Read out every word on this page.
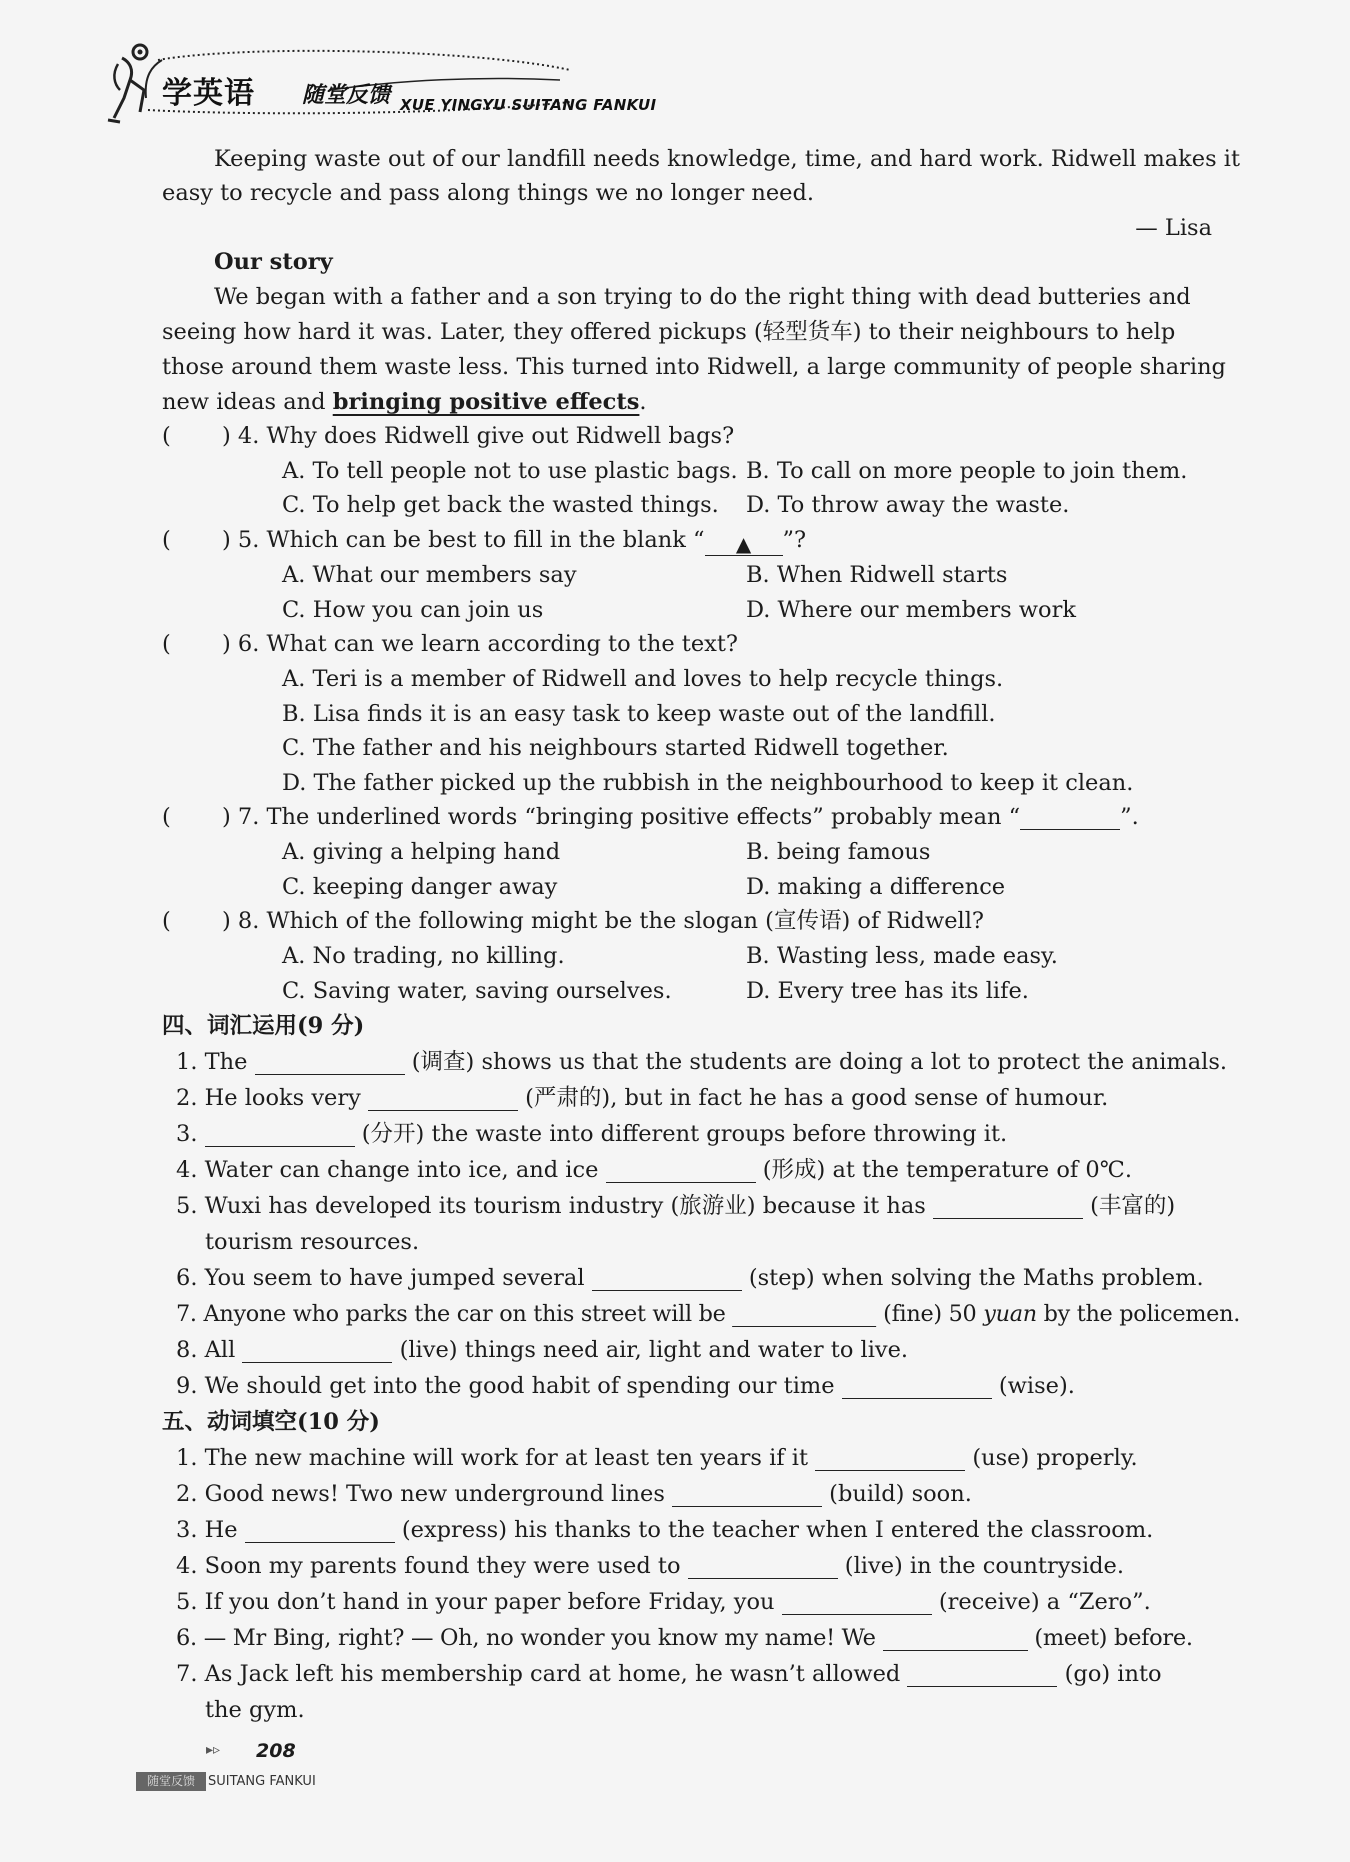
学英语 随堂反馈 XUE YINGYU SUITANG FANKUI
Keeping waste out of our landfill needs knowledge, time, and hard work. Ridwell makes it
easy to recycle and pass along things we no longer need.
— Lisa
Our story
We began with a father and a son trying to do the right thing with dead butteries and
seeing how hard it was. Later, they offered pickups (轻型货车) to their neighbours to help
those around them waste less. This turned into Ridwell, a large community of people sharing
new ideas and bringing positive effects.
( ) 4. Why does Ridwell give out Ridwell bags?
A. To tell people not to use plastic bags. B. To call on more people to join them.
C. To help get back the wasted things. D. To throw away the waste.
( ) 5. Which can be best to fill in the blank “ ▲ ”?
A. What our members say	B. When Ridwell starts
C. How you can join us	D. Where our members work
( ) 6. What can we learn according to the text?
A. Teri is a member of Ridwell and loves to help recycle things.
B. Lisa finds it is an easy task to keep waste out of the landfill.
C. The father and his neighbours started Ridwell together.
D. The father picked up the rubbish in the neighbourhood to keep it clean.
( ) 7. The underlined words “bringing positive effects” probably mean “	”.
A. giving a helping hand	B. being famous
C. keeping danger away	D. making a difference
( ) 8. Which of the following might be the slogan (宣传语) of Ridwell?
A. No trading, no killing.	B. Wasting less, made easy.
C. Saving water, saving ourselves.	D. Every tree has its life.
四、词汇运用(9 分)
1. The	(调查) shows us that the students are doing a lot to protect the animals.
2. He looks very	(严肃的), but in fact he has a good sense of humour.
3.	(分开) the waste into different groups before throwing it.
4. Water can change into ice, and ice	(形成) at the temperature of 0℃.
5. Wuxi has developed its tourism industry (旅游业) because it has	(丰富的)
tourism resources.
6. You seem to have jumped several	(step) when solving the Maths problem.
7. Anyone who parks the car on this street will be	(fine) 50 yuan by the policemen.
8. All	(live) things need air, light and water to live.
9. We should get into the good habit of spending our time	(wise).
五、动词填空(10 分)
1. The new machine will work for at least ten years if it	(use) properly.
2. Good news! Two new underground lines	(build) soon.
3. He	(express) his thanks to the teacher when I entered the classroom.
4. Soon my parents found they were used to	(live) in the countryside.
5. If you don’t hand in your paper before Friday, you	(receive) a “Zero”.
6. — Mr Bing, right? — Oh, no wonder you know my name! We	(meet) before.
7. As Jack left his membership card at home, he wasn’t allowed	(go) into
the gym.
▸▹ 208
随堂反馈	SUITANG FANKUI
